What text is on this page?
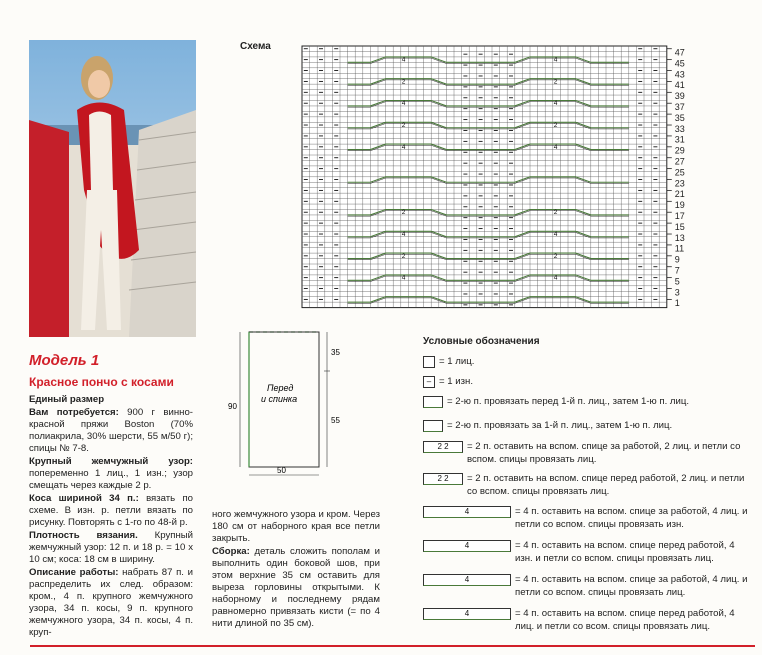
Модель 1
Красное пончо с косами

Единый размер

Вам потребуется: 900 г винно-красной пряжи Boston (70% полиакрила, 30% шерсти, 55 м/50 г); спицы № 7-8.

Крупный жемчужный узор: попеременно 1 лиц., 1 изн.; узор смещать через каждые 2 р.

Коса шириной 34 п.: вязать по схеме. В изн. р. петли вязать по рисунку. Повторять с 1-го по 48-й р.

Плотность вязания. Крупный жемчужный узор: 12 п. и 18 р. = 10 х 10 см; коса: 18 см в ширину.

Описание работы: набрать 87 п. и распределить их след. образом: кром., 4 п. крупного жемчужного узора, 34 п. косы, 9 п. крупного жемчужного узора, 34 п. косы, 4 п. круп-

ного жемчужного узора и кром. Через 180 см от наборного края все петли закрыть.

Сборка: деталь сложить пополам и выполнить один боковой шов, при этом верхние 35 см оставить для выреза горловины открытыми. К наборному и последнему рядам равномерно привязать кисти (= по 4 нити длиной по 35 см).

Перед
и спинка
90
35
55
50
Схема
4	4
2	2
4	4
2	2
4	4
2	2
4	4
2	2
4	4
47
45
43
41
39
37
35
33
31
29
27
25
23
21
19
17
15
13
11
9
7
5
3
1
Условные обозначения
= 1 лиц.
– = 1 изн.
= 2-ю п. провязать перед 1-й п. лиц., затем 1-ю п. лиц.
= 2-ю п. провязать за 1-й п. лиц., затем 1-ю п. лиц.
2 2	= 2 п. оставить на вспом. спице за работой, 2 лиц. и петли со вспом. спицы провязать лиц.
2 2	= 2 п. оставить на вспом. спице перед работой, 2 лиц. и петли со вспом. спицы провязать лиц.
4	= 4 п. оставить на вспом. спице за работой, 4 лиц. и петли со вспом. спицы провязать изн.
4	= 4 п. оставить на вспом. спице перед работой, 4 изн. и петли со вспом. спицы провязать лиц.
4	= 4 п. оставить на вспом. спице за работой, 4 лиц. и петли со вспом. спицы провязать лиц.
4	= 4 п. оставить на вспом. спице перед работой, 4 лиц. и петли со всом. спицы провязать лиц.
